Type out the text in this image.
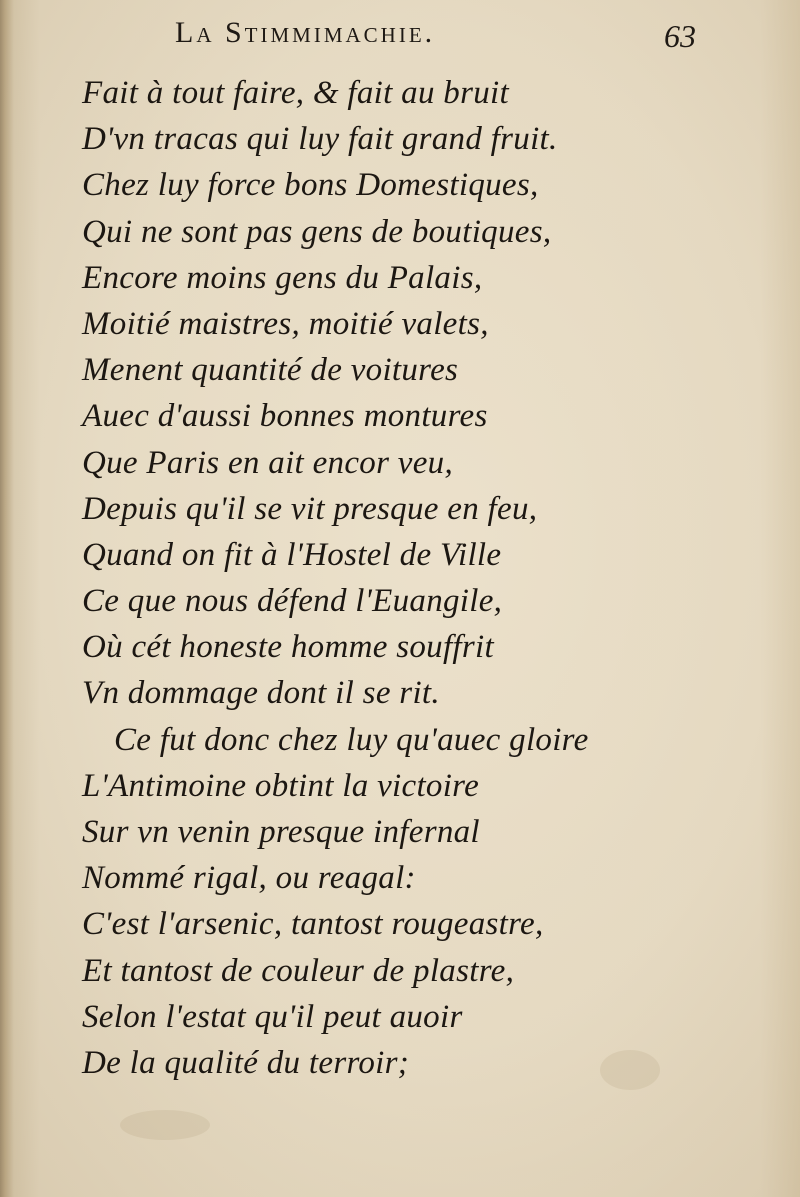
La Stimmimachie.	63
Fait à tout faire, & fait au bruit
D'vn tracas qui luy fait grand fruit.
Chez luy force bons Domestiques,
Qui ne sont pas gens de boutiques,
Encore moins gens du Palais,
Moitié maistres, moitié valets,
Menent quantité de voitures
Auec d'aussi bonnes montures
Que Paris en ait encor veu,
Depuis qu'il se vit presque en feu,
Quand on fit à l'Hostel de Ville
Ce que nous défend l'Euangile,
Où cét honeste homme souffrit
Vn dommage dont il se rit.
Ce fut donc chez luy qu'auec gloire
L'Antimoine obtint la victoire
Sur vn venin presque infernal
Nommé rigal, ou reagal:
C'est l'arsenic, tantost rougeastre,
Et tantost de couleur de plastre,
Selon l'estat qu'il peut auoir
De la qualité du terroir;
